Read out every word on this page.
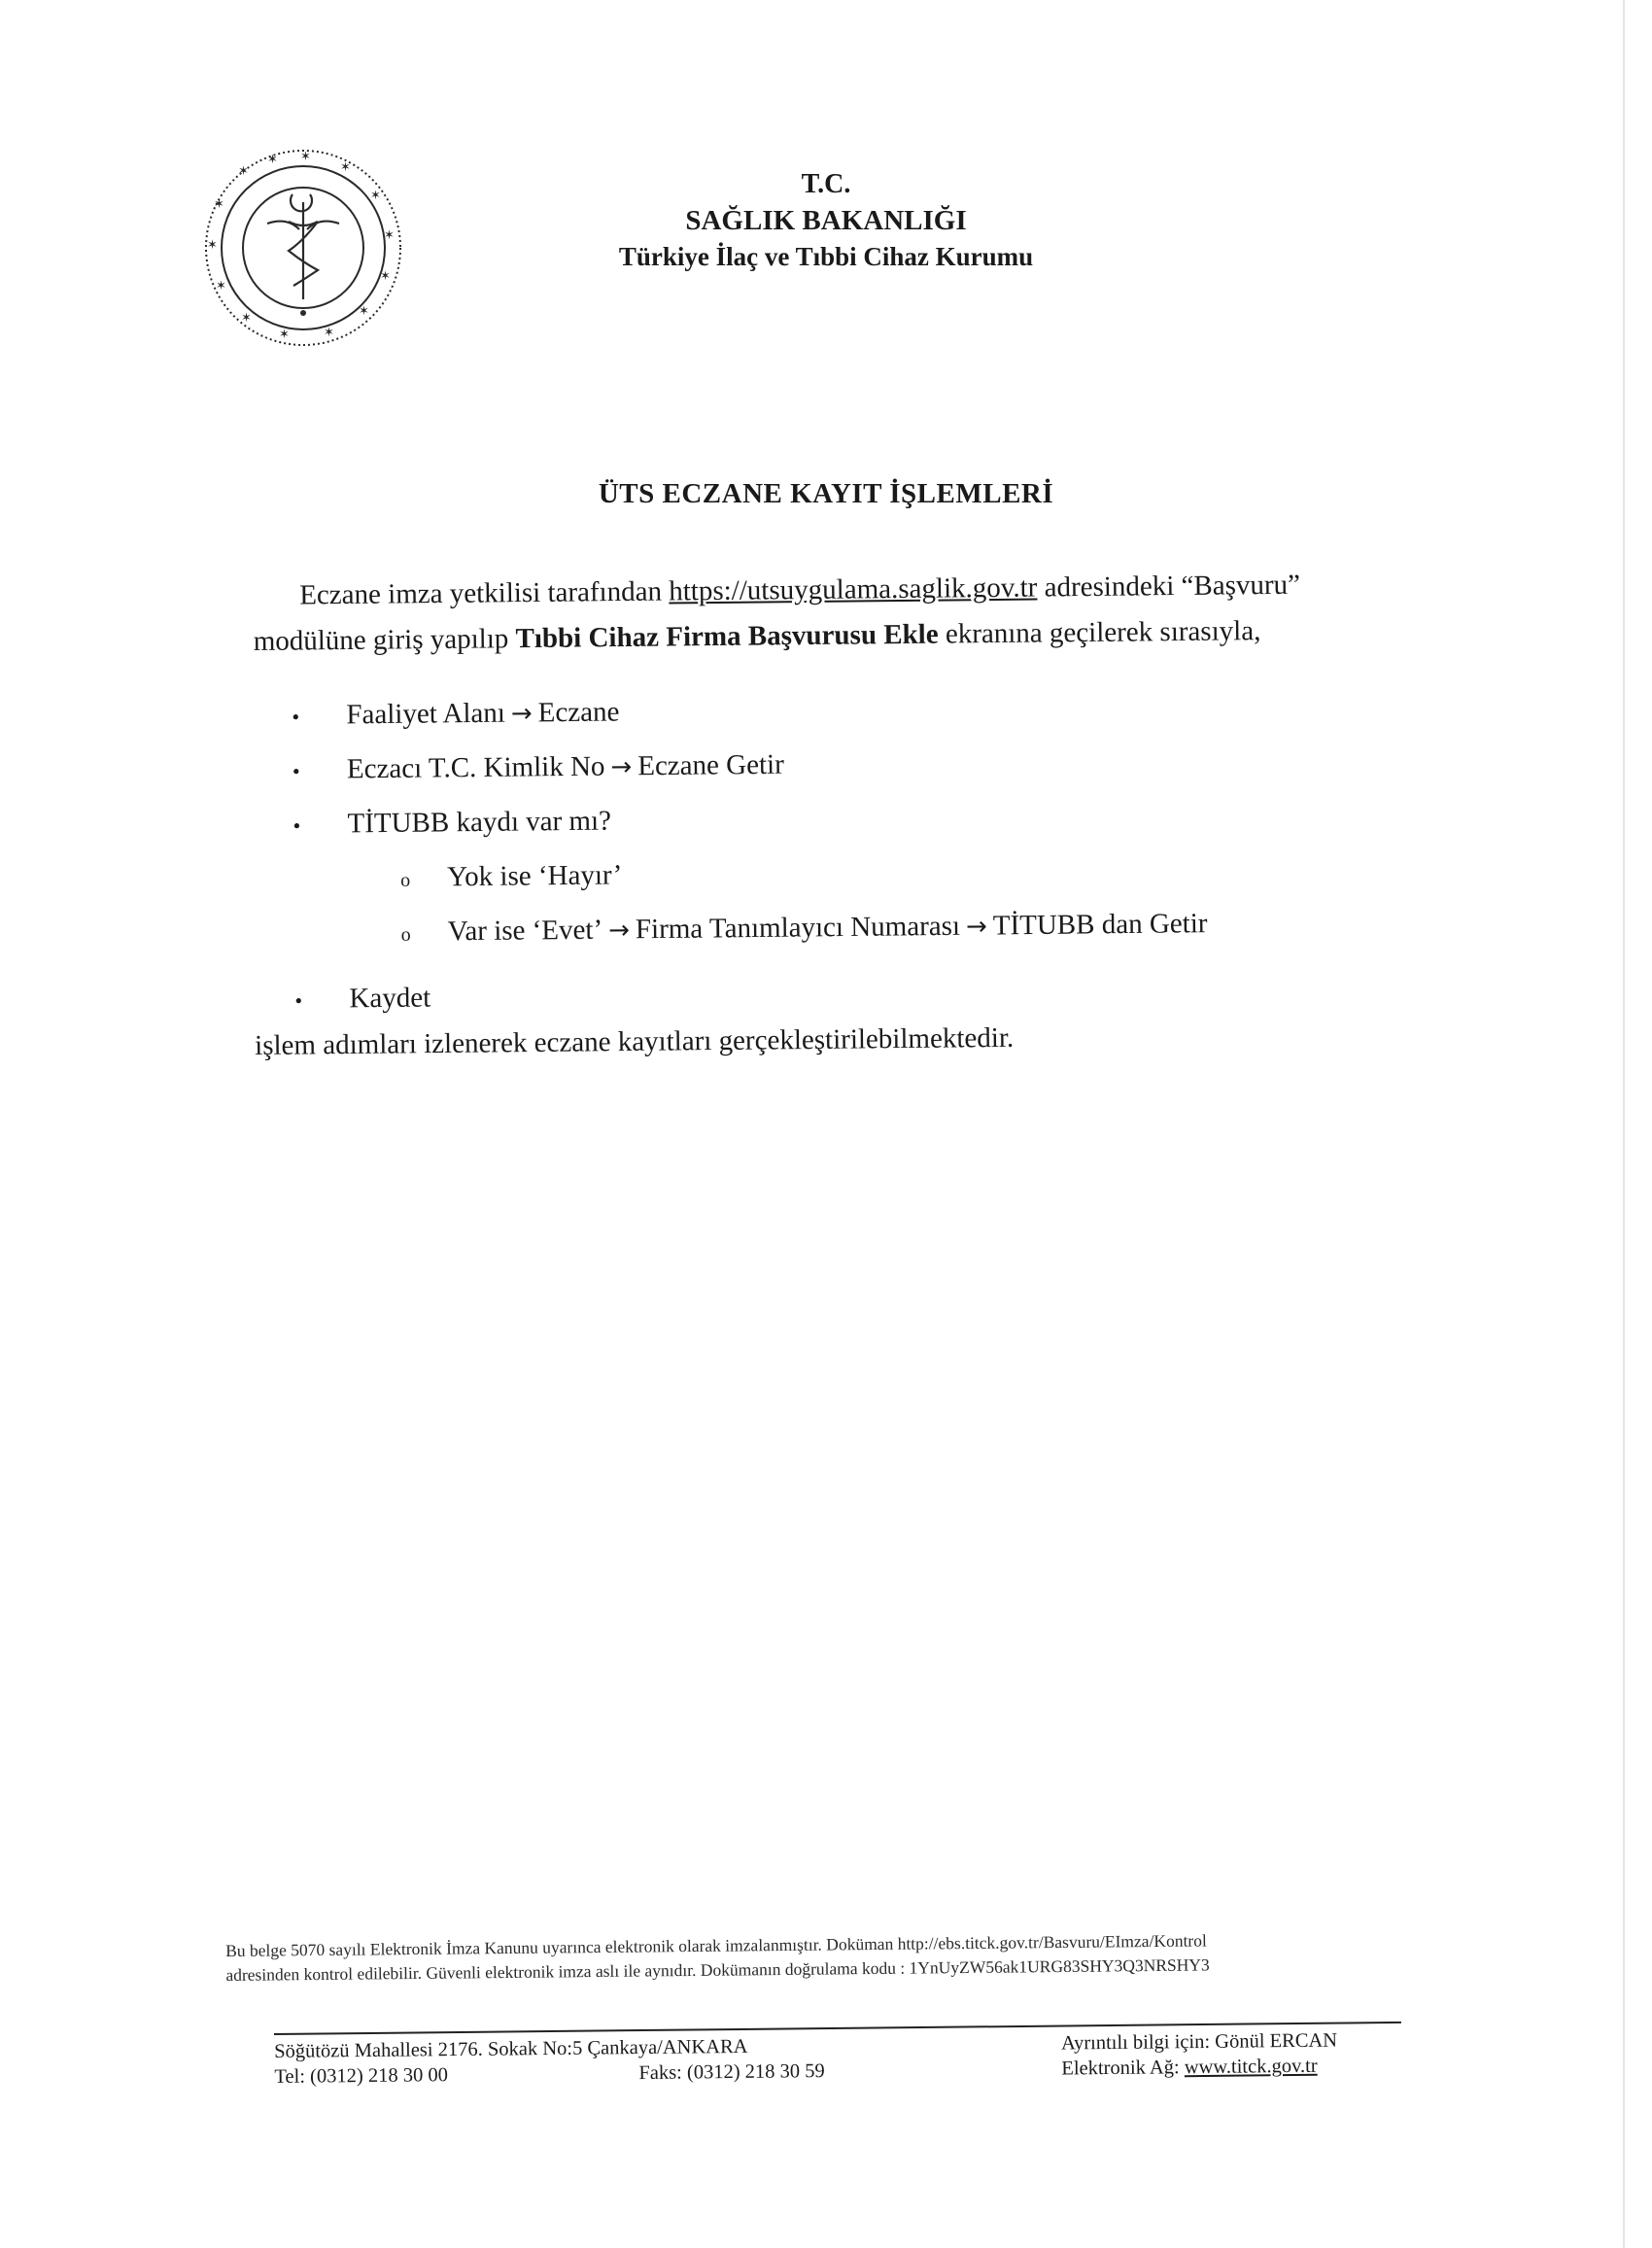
✶
✶
✶
✶
✶
✶
✶
✶
✶
✶
✶
✶
✶
✶
T.C.
SAĞLIK BAKANLIĞI
Türkiye İlaç ve Tıbbi Cihaz Kurumu
ÜTS ECZANE KAYIT İŞLEMLERİ
Eczane imza yetkilisi tarafından https://utsuygulama.saglik.gov.tr adresindeki “Başvuru”
modülüne giriş yapılıp Tıbbi Cihaz Firma Başvurusu Ekle ekranına geçilerek sırasıyla,
• Faaliyet Alanı → Eczane
• Eczacı T.C. Kimlik No → Eczane Getir
• TİTUBB kaydı var mı?
o Yok ise ‘Hayır’
o Var ise ‘Evet’ → Firma Tanımlayıcı Numarası → TİTUBB dan Getir
• Kaydet
işlem adımları izlenerek eczane kayıtları gerçekleştirilebilmektedir.
Bu belge 5070 sayılı Elektronik İmza Kanunu uyarınca elektronik olarak imzalanmıştır. Doküman http://ebs.titck.gov.tr/Basvuru/EImza/Kontrol
adresinden kontrol edilebilir. Güvenli elektronik imza aslı ile aynıdır. Dokümanın doğrulama kodu : 1YnUyZW56ak1URG83SHY3Q3NRSHY3
Söğütözü Mahallesi 2176. Sokak No:5 Çankaya/ANKARA
Tel: (0312) 218 30 00	Faks: (0312) 218 30 59
Ayrıntılı bilgi için: Gönül ERCAN
Elektronik Ağ: www.titck.gov.tr
